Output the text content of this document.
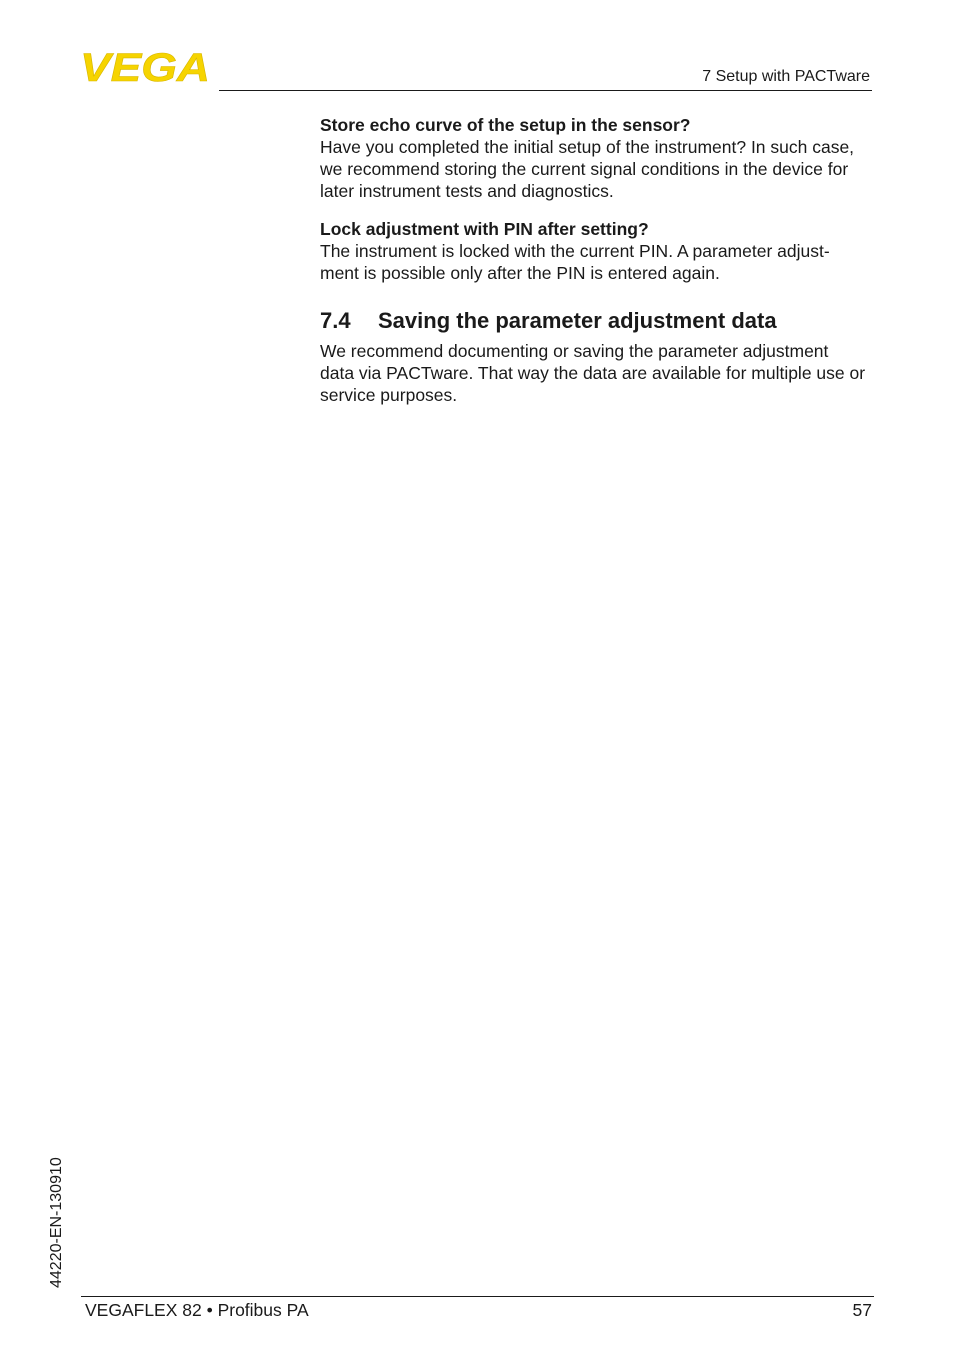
VEGA	7 Setup with PACTware

Store echo curve of the setup in the sensor?

Have you completed the initial setup of the instrument? In such case,

we recommend storing the current signal conditions in the device for

later instrument tests and diagnostics.

Lock adjustment with PIN after setting?

The instrument is locked with the current PIN. A parameter adjust-

ment is possible only after the PIN is entered again.

7.4 Saving the parameter adjustment data

We recommend documenting or saving the parameter adjustment

data via PACTware. That way the data are available for multiple use or

service purposes.

44220-EN-130910
VEGAFLEX 82 • Profibus PA	57
